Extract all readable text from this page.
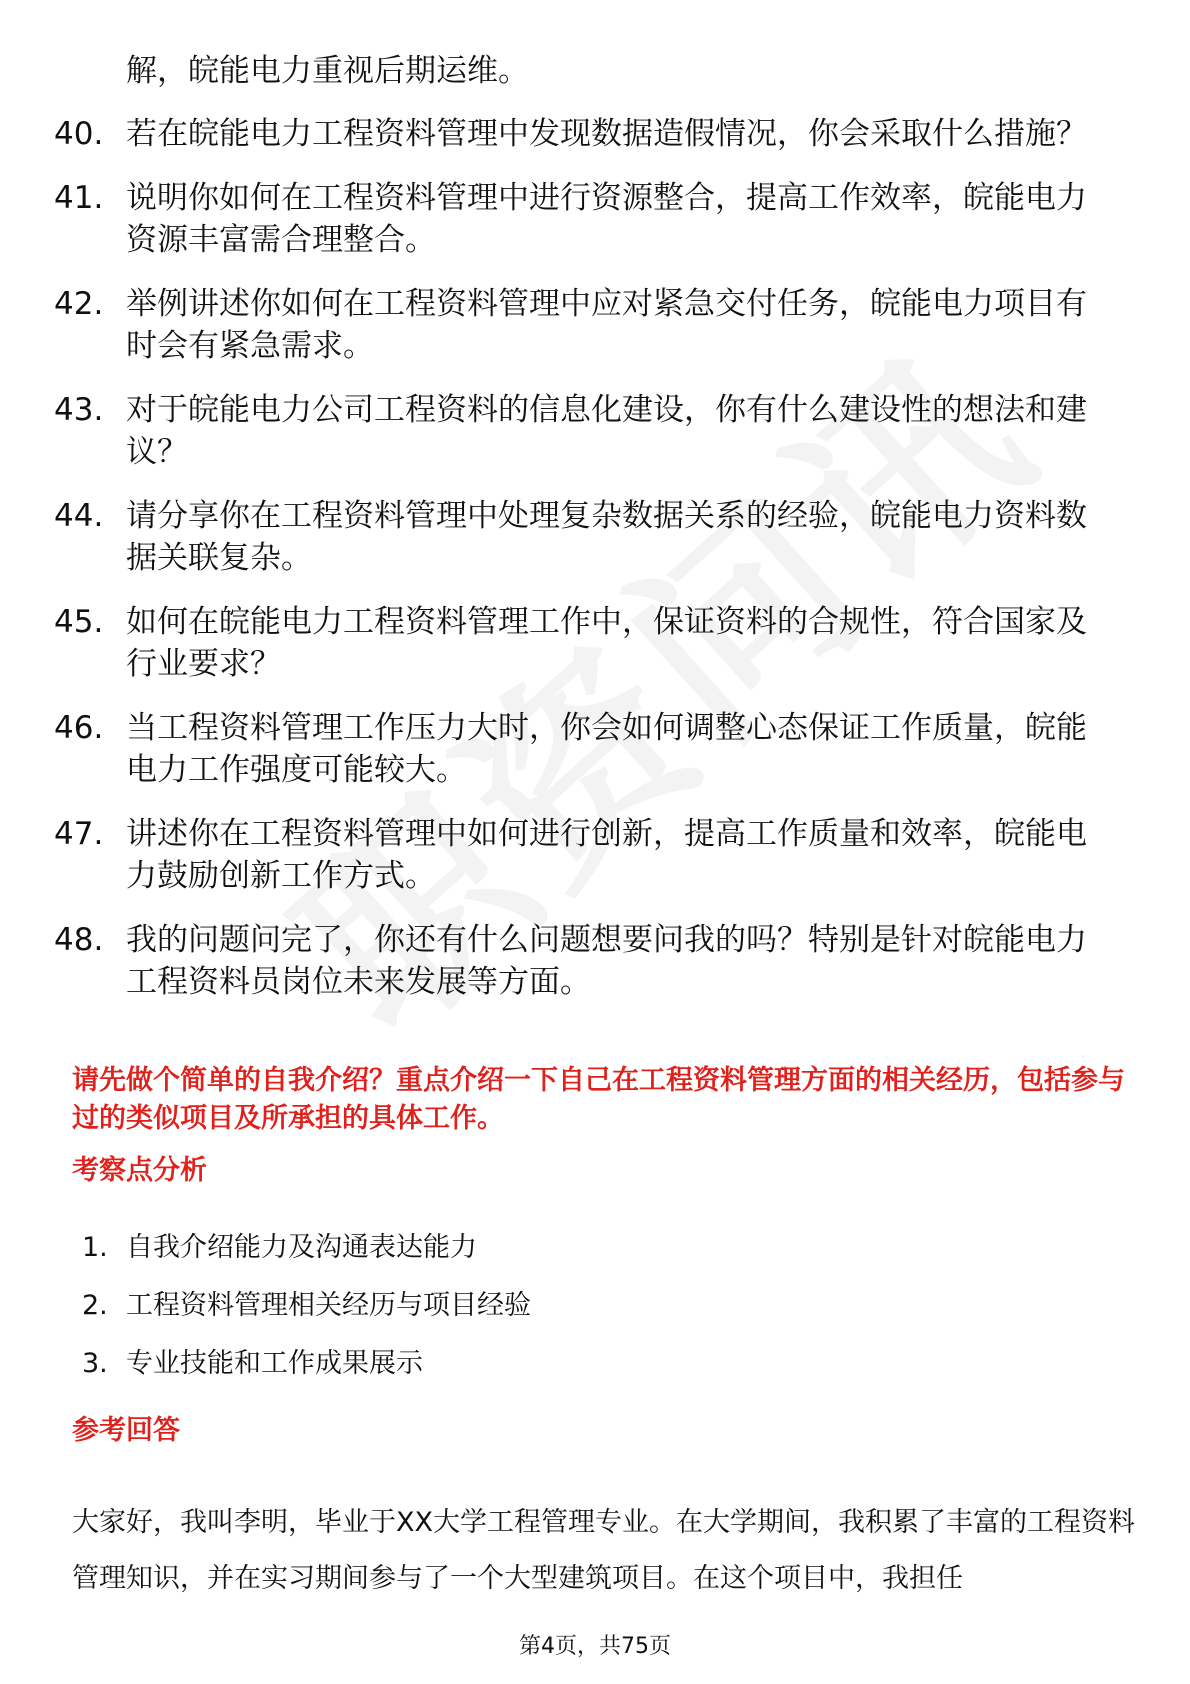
解，皖能电力重视后期运维。
40. 若在皖能电力工程资料管理中发现数据造假情况，你会采取什么措施？
41. 说明你如何在工程资料管理中进行资源整合，提高工作效率，皖能电力资源丰富需合理整合。
42. 举例讲述你如何在工程资料管理中应对紧急交付任务，皖能电力项目有时会有紧急需求。
43. 对于皖能电力公司工程资料的信息化建设，你有什么建设性的想法和建议？
44. 请分享你在工程资料管理中处理复杂数据关系的经验，皖能电力资料数据关联复杂。
45. 如何在皖能电力工程资料管理工作中，保证资料的合规性，符合国家及行业要求？
46. 当工程资料管理工作压力大时，你会如何调整心态保证工作质量，皖能电力工作强度可能较大。
47. 讲述你在工程资料管理中如何进行创新，提高工作质量和效率，皖能电力鼓励创新工作方式。
48. 我的问题问完了，你还有什么问题想要问我的吗？特别是针对皖能电力工程资料员岗位未来发展等方面。

请先做个简单的自我介绍？重点介绍一下自己在工程资料管理方面的相关经历，包括参与过的类似项目及所承担的具体工作。

考察点分析
1. 自我介绍能力及沟通表达能力
2. 工程资料管理相关经历与项目经验
3. 专业技能和工作成果展示
参考回答

大家好，我叫李明，毕业于XX大学工程管理专业。在大学期间，我积累了丰富的工程资料管理知识，并在实习期间参与了一个大型建筑项目。在这个项目中，我担任

第4页，共75页
